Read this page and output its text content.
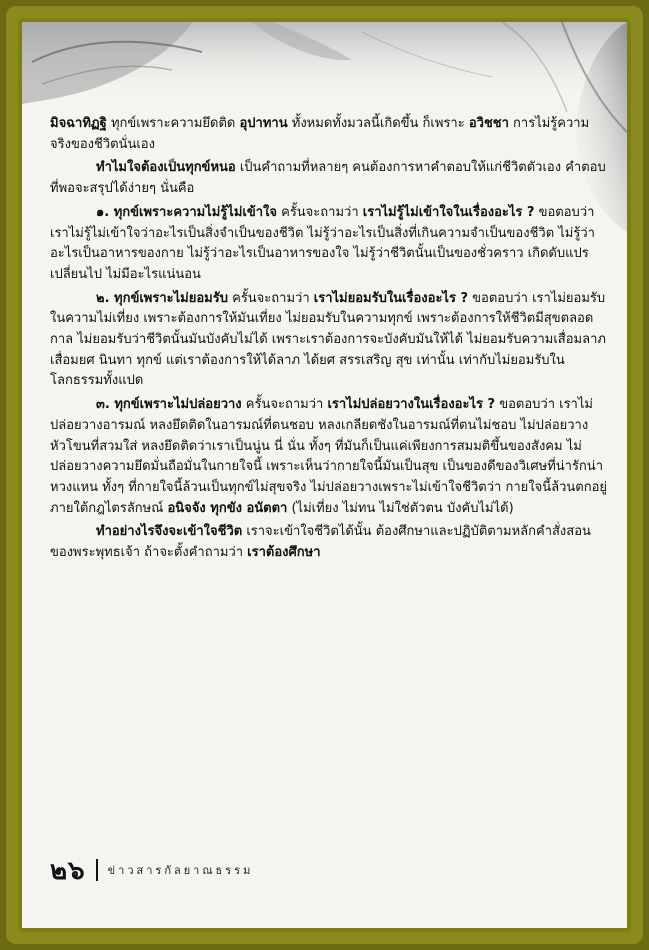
มิจฉาทิฏฐิ ทุกข์เพราะความยึดติด อุปาทาน ทั้งหมดทั้งมวลนี้เกิดขึ้น ก็เพราะ อวิชชา การไม่รู้ความจริงของชีวิตนั่นเอง

ทำไมใจต้องเป็นทุกข์หนอ เป็นคำถามที่หลายๆ คนต้องการหาคำตอบให้แก่ชีวิตตัวเอง คำตอบที่พอจะสรุปได้ง่ายๆ นั่นคือ

๑. ทุกข์เพราะความไม่รู้ไม่เข้าใจ ครั้นจะถามว่า เราไม่รู้ไม่เข้าใจในเรื่องอะไร ? ขอตอบว่า เราไม่รู้ไม่เข้าใจว่าอะไรเป็นสิ่งจำเป็นของชีวิต ไม่รู้ว่าอะไรเป็นสิ่งที่เกินความจำเป็นของชีวิต ไม่รู้ว่าอะไรเป็นอาหารของกาย ไม่รู้ว่าอะไรเป็นอาหารของใจ ไม่รู้ว่าชีวิตนั้นเป็นของชั่วคราว เกิดดับแปรเปลี่ยนไป ไม่มีอะไรแน่นอน

๒. ทุกข์เพราะไม่ยอมรับ ครั้นจะถามว่า เราไม่ยอมรับในเรื่องอะไร ? ขอตอบว่า เราไม่ยอมรับในความไม่เที่ยง เพราะต้องการให้มันเที่ยง ไม่ยอมรับในความทุกข์ เพราะต้องการให้ชีวิตมีสุขตลอดกาล ไม่ยอมรับว่าชีวิตนั้นมันบังคับไม่ได้ เพราะเราต้องการจะบังคับมันให้ได้ ไม่ยอมรับความเสื่อมลาภ เสื่อมยศ นินทา ทุกข์ แต่เราต้องการให้ได้ลาภ ได้ยศ สรรเสริญ สุข เท่านั้น เท่ากับไม่ยอมรับในโลกธรรมทั้งแปด

๓. ทุกข์เพราะไม่ปล่อยวาง ครั้นจะถามว่า เราไม่ปล่อยวางในเรื่องอะไร ? ขอตอบว่า เราไม่ปล่อยวางอารมณ์ หลงยึดติดในอารมณ์ที่ตนชอบ หลงเกลียดชังในอารมณ์ที่ตนไม่ชอบ ไม่ปล่อยวางหัวโขนที่สวมใส่ หลงยึดติดว่าเราเป็นนู่น นี่ นั่น ทั้งๆ ที่มันก็เป็นแค่เพียงการสมมติขึ้นของสังคม ไม่ปล่อยวางความยึดมั่นถือมั่นในกายใจนี้ เพราะเห็นว่ากายใจนี้มันเป็นสุข เป็นของดีของวิเศษที่น่ารักน่าหวงแหน ทั้งๆ ที่กายใจนี้ล้วนเป็นทุกข์ไม่สุขจริง ไม่ปล่อยวางเพราะไม่เข้าใจชีวิตว่า กายใจนี้ล้วนตกอยู่ภายใต้กฎไตรลักษณ์ อนิจจัง ทุกขัง อนัตตา (ไม่เที่ยง ไม่ทน ไม่ใช่ตัวตน บังคับไม่ได้)

ทำอย่างไรจึงจะเข้าใจชีวิต เราจะเข้าใจชีวิตได้นั้น ต้องศึกษาและปฏิบัติตามหลักคำสั่งสอนของพระพุทธเจ้า ถ้าจะตั้งคำถามว่า เราต้องศึกษา

๒๖ ข่าวสารกัลยาณธรรม
